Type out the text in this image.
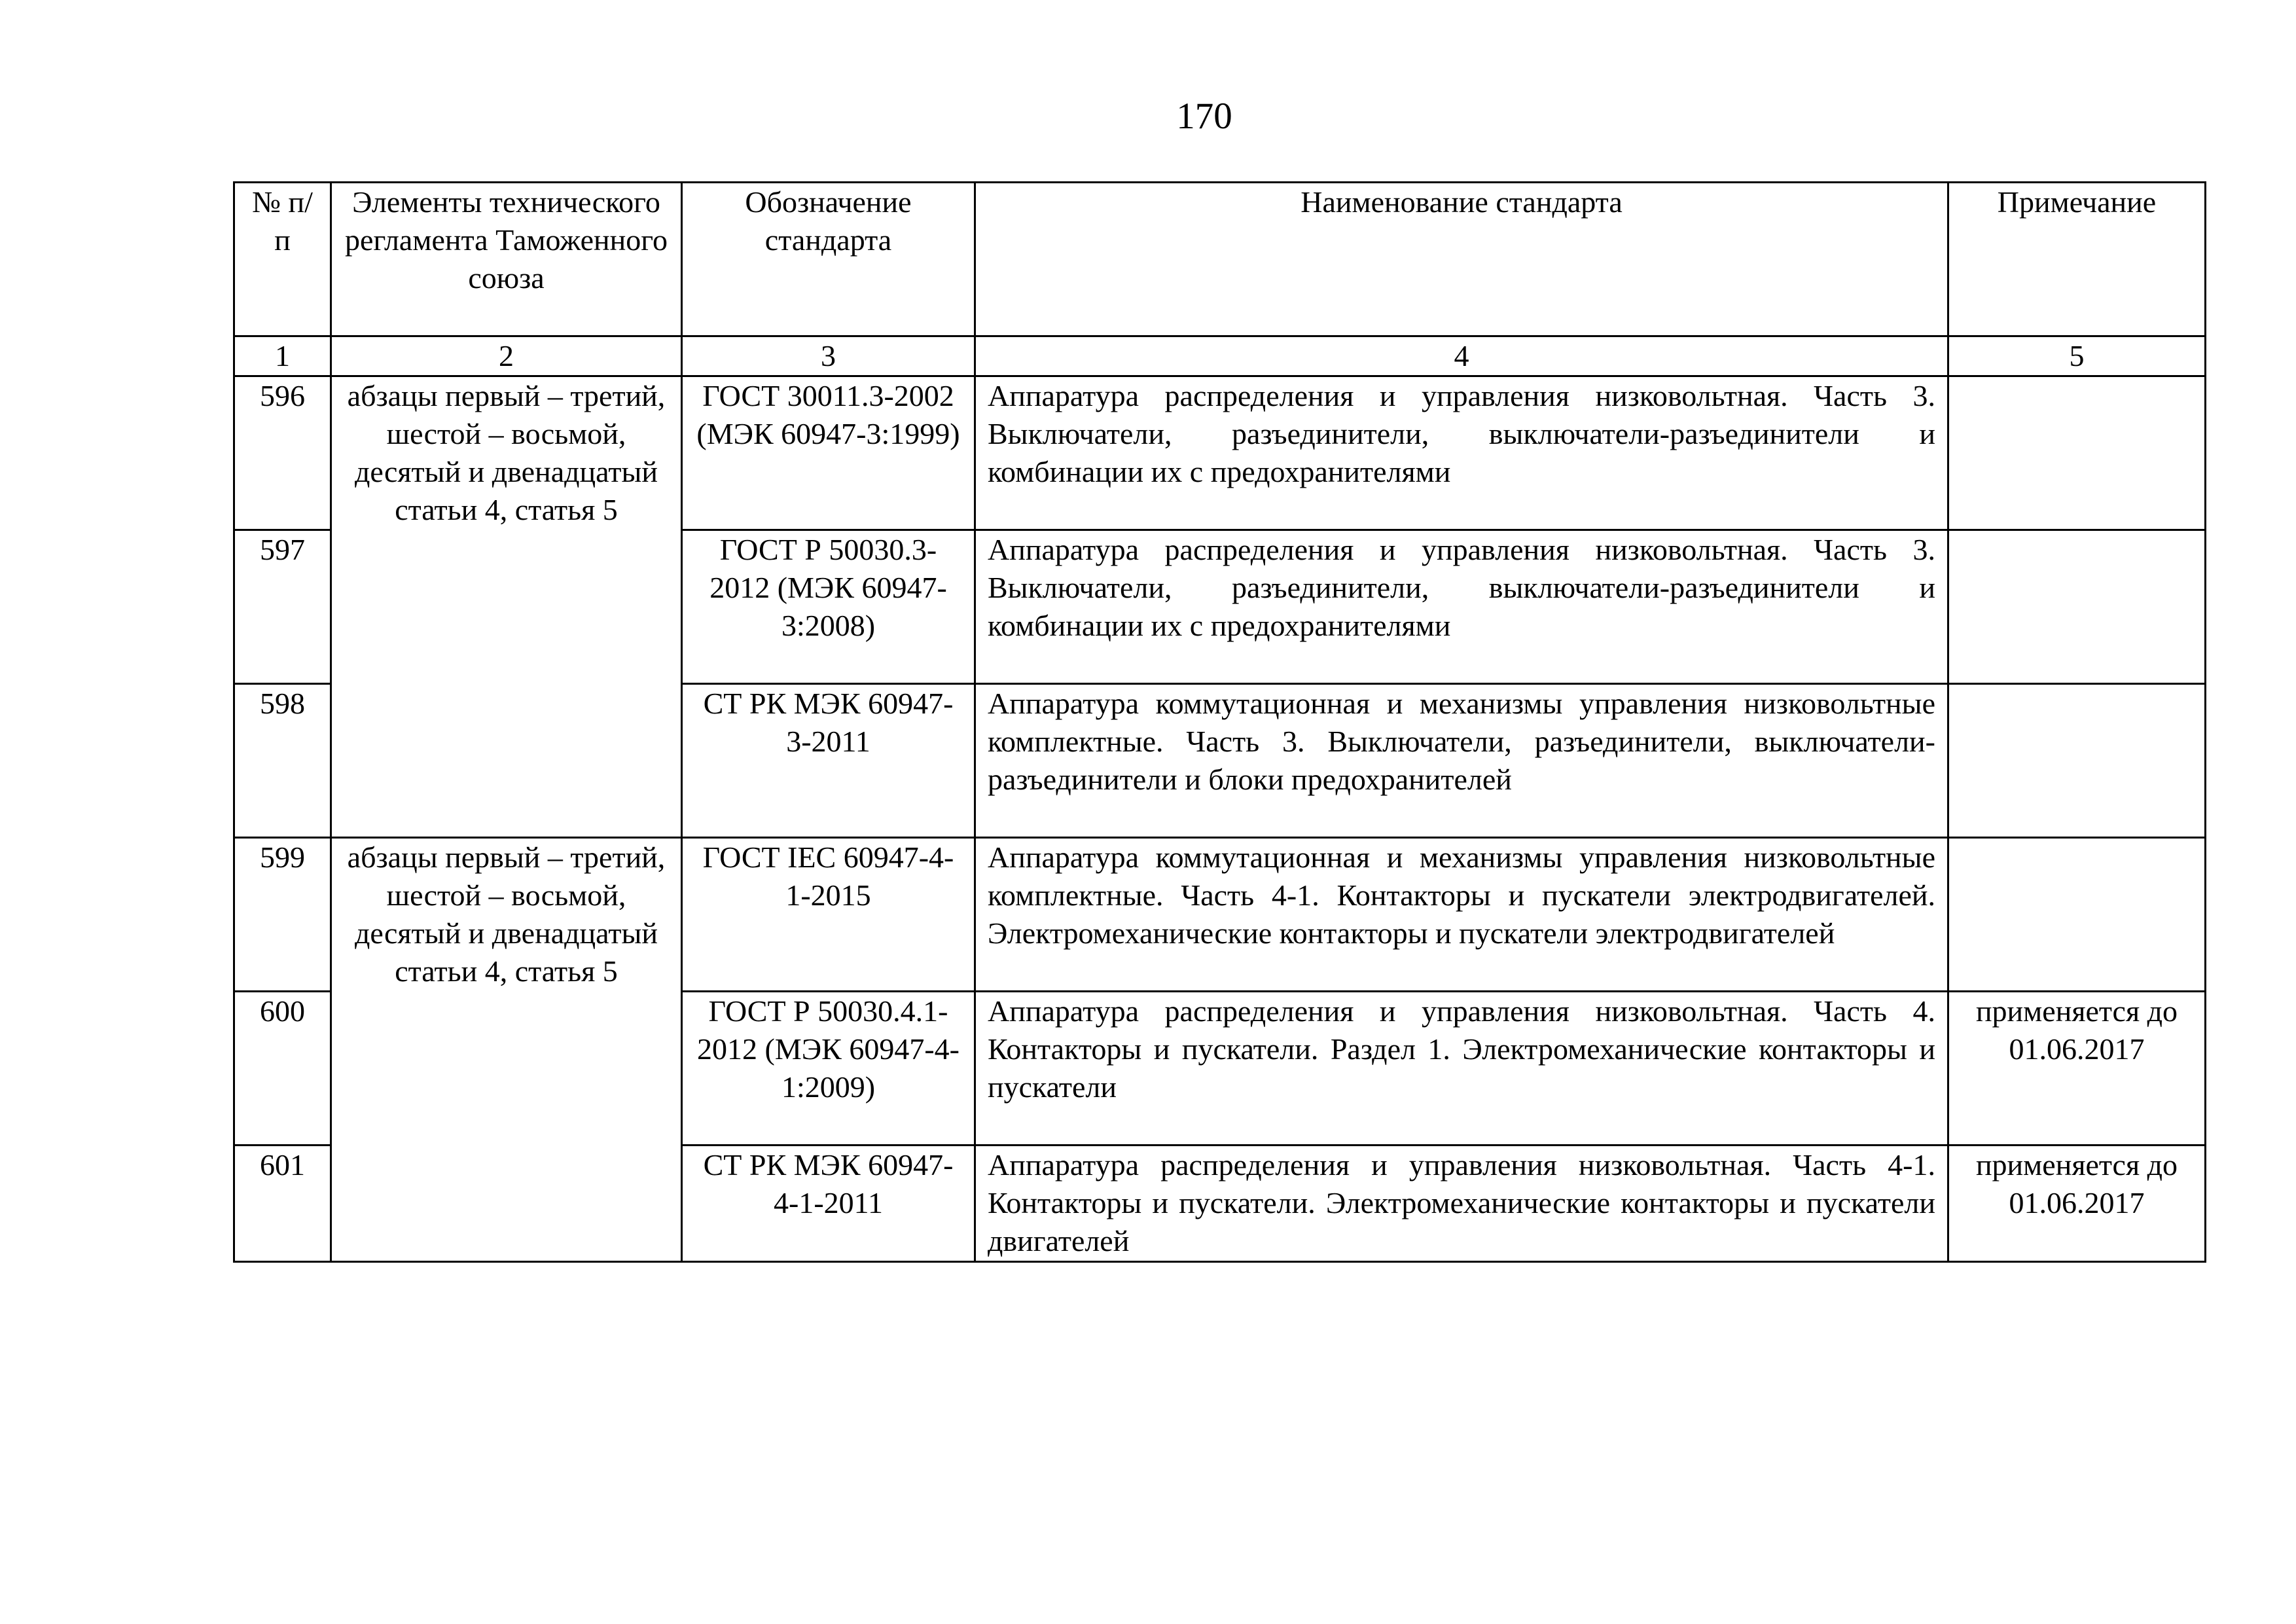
170
№ п/п	Элементы технического регламента Таможенного союза	Обозначение стандарта	Наименование стандарта	Примечание
1	2	3	4	5
596	абзацы первый – третий, шестой – восьмой, десятый и двенадцатый статьи 4, статья 5	ГОСТ 30011.3-2002 (МЭК 60947-3:1999)	Аппаратура распределения и управления низковольтная. Часть 3. Выключатели, разъединители, выключатели-разъединители и комбинации их с предохранителями	
597		ГОСТ Р 50030.3-2012 (МЭК 60947-3:2008)	Аппаратура распределения и управления низковольтная. Часть 3. Выключатели, разъединители, выключатели-разъединители и комбинации их с предохранителями	
598		СТ РК МЭК 60947-3-2011	Аппаратура коммутационная и механизмы управления низковольтные комплектные. Часть 3. Выключатели, разъединители, выключатели-разъединители и блоки предохранителей	
599	абзацы первый – третий, шестой – восьмой, десятый и двенадцатый статьи 4, статья 5	ГОСТ IEC 60947-4-1-2015	Аппаратура коммутационная и механизмы управления низковольтные комплектные. Часть 4-1. Контакторы и пускатели электродвигателей. Электромеханические контакторы и пускатели электродвигателей	
600		ГОСТ Р 50030.4.1-2012 (МЭК 60947-4-1:2009)	Аппаратура распределения и управления низковольтная. Часть 4. Контакторы и пускатели. Раздел 1. Электромеханические контакторы и пускатели	применяется до 01.06.2017
601		СТ РК МЭК 60947-4-1-2011	Аппаратура распределения и управления низковольтная. Часть 4-1. Контакторы и пускатели. Электромеханические контакторы и пускатели двигателей	применяется до 01.06.2017
